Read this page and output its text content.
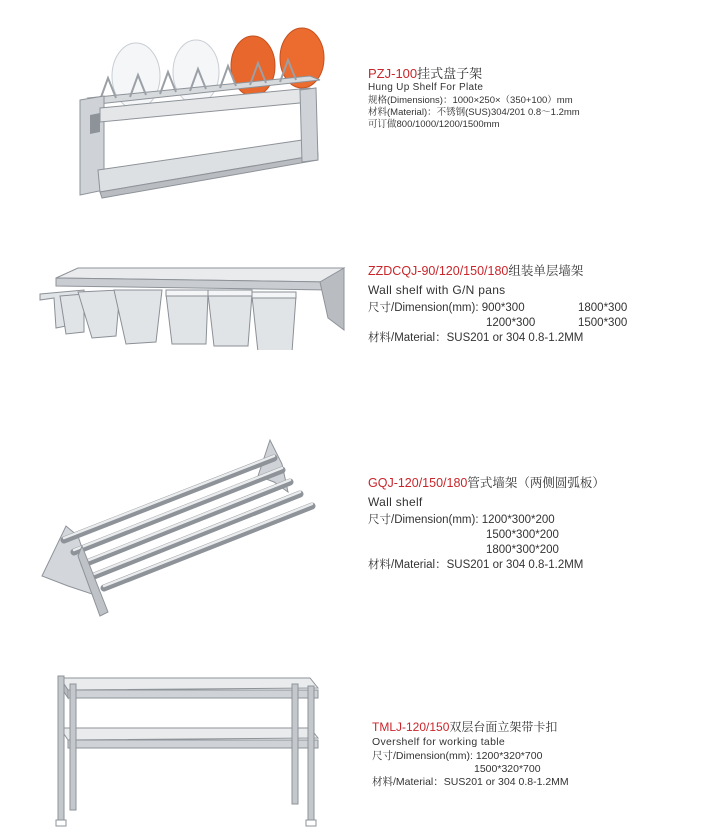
PZJ-100挂式盘子架
Hung Up Shelf For Plate
规格(Dimensions)：1000×250×（350+100）mm
材料(Material)：不锈钢(SUS)304/201 0.8～1.2mm
可订做800/1000/1200/1500mm
ZZDCQJ-90/120/150/180组装单层墙架
Wall shelf with G/N pans
尺寸/Dimension(mm): 900*300	1800*300
1200*300	1500*300
材料/Material：SUS201 or 304 0.8-1.2MM
GQJ-120/150/180管式墙架（两侧圆弧板）
Wall shelf
尺寸/Dimension(mm): 1200*300*200
1500*300*200
1800*300*200
材料/Material：SUS201 or 304 0.8-1.2MM
TMLJ-120/150双层台面立架带卡扣
Overshelf for working table
尺寸/Dimension(mm): 1200*320*700
1500*320*700
材料/Material：SUS201 or 304 0.8-1.2MM
